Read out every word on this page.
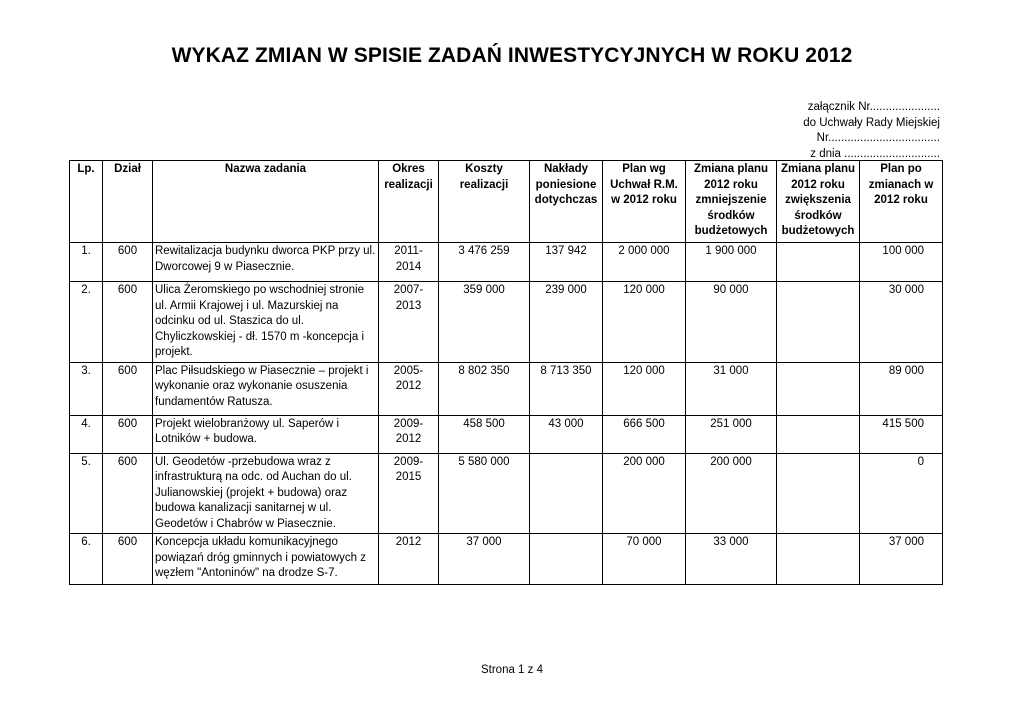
WYKAZ ZMIAN W SPISIE ZADAŃ INWESTYCYJNYCH W ROKU 2012
załącznik Nr......................
do Uchwały Rady Miejskiej
Nr...................................
z dnia ..............................
Lp.	Dział	Nazwa zadania	Okres realizacji	Koszty realizacji	Nakłady poniesione dotychczas	Plan wg Uchwał R.M. w 2012 roku	Zmiana planu 2012 roku zmniejszenie środków budżetowych	Zmiana planu 2012 roku zwiększenia środków budżetowych	Plan po zmianach w 2012 roku
1.	600	Rewitalizacja budynku dworca PKP przy ul. Dworcowej 9 w Piasecznie.	2011-2014	3 476 259	137 942	2 000 000	1 900 000		100 000
2.	600	Ulica Żeromskiego po wschodniej stronie ul. Armii Krajowej i ul. Mazurskiej na odcinku od ul. Staszica do ul. Chyliczkowskiej - dł. 1570 m -koncepcja i projekt.	2007-2013	359 000	239 000	120 000	90 000		30 000
3.	600	Plac Piłsudskiego w Piasecznie – projekt i wykonanie oraz wykonanie osuszenia fundamentów Ratusza.	2005-2012	8 802 350	8 713 350	120 000	31 000		89 000
4.	600	Projekt wielobranżowy ul. Saperów i Lotników + budowa.	2009-2012	458 500	43 000	666 500	251 000		415 500
5.	600	Ul. Geodetów -przebudowa wraz z infrastrukturą na odc. od Auchan do ul. Julianowskiej (projekt + budowa) oraz budowa kanalizacji sanitarnej w ul. Geodetów i Chabrów w Piasecznie.	2009-2015	5 580 000		200 000	200 000		0
6.	600	Koncepcja układu komunikacyjnego powiązań dróg gminnych i powiatowych z węzłem "Antoninów" na drodze S-7.	2012	37 000		70 000	33 000		37 000
Strona 1 z 4
